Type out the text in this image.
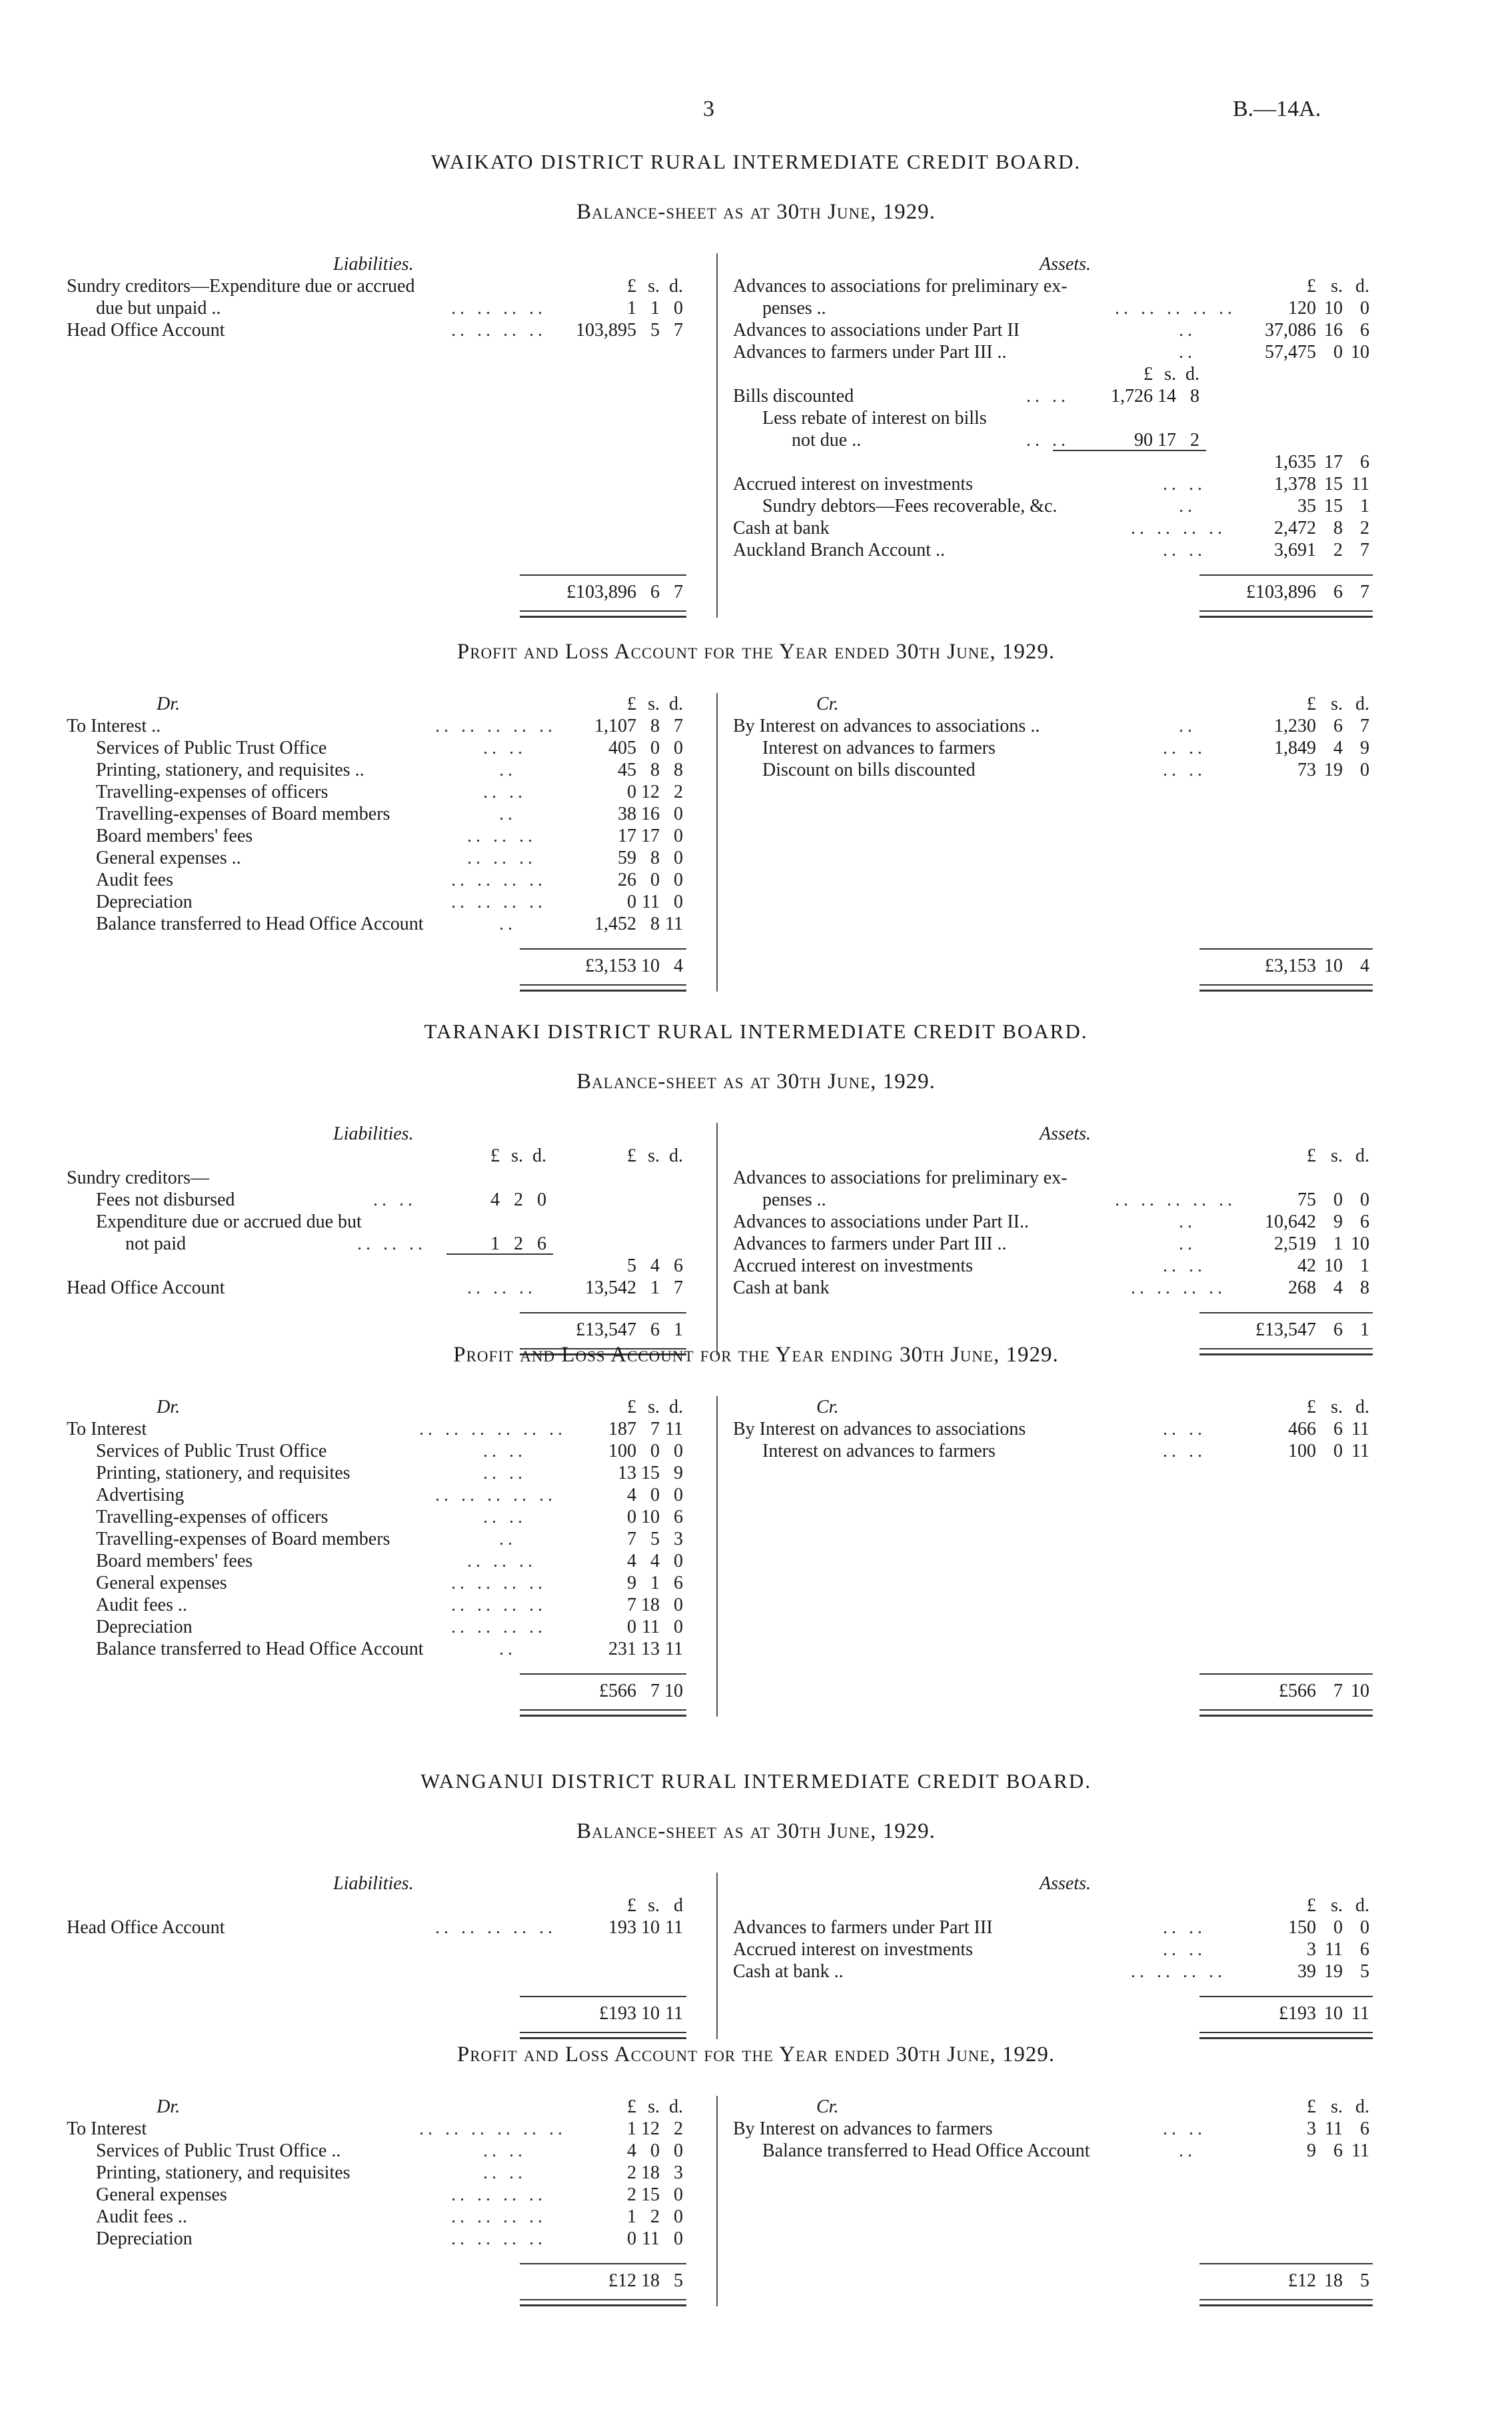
3	B.—14A.
WAIKATO DISTRICT RURAL INTERMEDIATE CREDIT BOARD.
Balance-sheet as at 30th June, 1929.
Liabilities.	Assets.
£ s. d.	£ s. d.
Sundry creditors—Expenditure due or accrued
due but unpaid ..	.. .. .. ..	1 1 0
Head Office Account	.. .. .. ..	103,895 5 7
Advances to associations for preliminary ex-
penses ..	.. .. .. .. ..	120 10 0
Advances to associations under Part II	..	37,086 16 6
Advances to farmers under Part III ..	..	57,475 0 10
£ s. d.
Bills discounted	.. ..	1,726 14 8
Less rebate of interest on bills
not due ..	.. ..	90 17 2
1,635 17 6
Accrued interest on investments	.. ..	1,378 15 11
Sundry debtors—Fees recoverable, &c.	..	35 15 1
Cash at bank	.. .. .. ..	2,472 8 2
Auckland Branch Account ..	.. ..	3,691 2 7
£103,896 6 7	£103,896 6 7
Profit and Loss Account for the Year ended 30th June, 1929.
Dr.	Cr.
£ s. d.	£ s. d.
To Interest ..	.. .. .. .. ..	1,107 8 7
Services of Public Trust Office	.. ..	405 0 0
Printing, stationery, and requisites ..	..	45 8 8
Travelling-expenses of officers	.. ..	0 12 2
Travelling-expenses of Board members	..	38 16 0
Board members' fees	.. .. ..	17 17 0
General expenses ..	.. .. ..	59 8 0
Audit fees	.. .. .. ..	26 0 0
Depreciation	.. .. .. ..	0 11 0
Balance transferred to Head Office Account	..	1,452 8 11
By Interest on advances to associations ..	..	1,230 6 7
Interest on advances to farmers	.. ..	1,849 4 9
Discount on bills discounted	.. ..	73 19 0
£3,153 10 4	£3,153 10 4
TARANAKI DISTRICT RURAL INTERMEDIATE CREDIT BOARD.
Balance-sheet as at 30th June, 1929.
Liabilities.	Assets.
£ s. d.	£ s. d.
£ s. d.
Sundry creditors—
Fees not disbursed	.. ..	4 2 0
Expenditure due or accrued due but
not paid	.. .. ..	1 2 6
5 4 6
Head Office Account	.. .. ..	13,542 1 7
Advances to associations for preliminary ex-
penses ..	.. .. .. .. ..	75 0 0
Advances to associations under Part II..	..	10,642 9 6
Advances to farmers under Part III ..	..	2,519 1 10
Accrued interest on investments	.. ..	42 10 1
Cash at bank	.. .. .. ..	268 4 8
£13,547 6 1	£13,547 6 1
Profit and Loss Account for the Year ending 30th June, 1929.
Dr.	Cr.
£ s. d.	£ s. d.
To Interest	.. .. .. .. .. ..	187 7 11
Services of Public Trust Office	.. ..	100 0 0
Printing, stationery, and requisites	.. ..	13 15 9
Advertising	.. .. .. .. ..	4 0 0
Travelling-expenses of officers	.. ..	0 10 6
Travelling-expenses of Board members	..	7 5 3
Board members' fees	.. .. ..	4 4 0
General expenses	.. .. .. ..	9 1 6
Audit fees ..	.. .. .. ..	7 18 0
Depreciation	.. .. .. ..	0 11 0
Balance transferred to Head Office Account	..	231 13 11
By Interest on advances to associations	.. ..	466 6 11
Interest on advances to farmers	.. ..	100 0 11
£566 7 10	£566 7 10
WANGANUI DISTRICT RURAL INTERMEDIATE CREDIT BOARD.
Balance-sheet as at 30th June, 1929.
Liabilities.	Assets.
£ s. d	£ s. d.
Head Office Account	.. .. .. .. ..	193 10 11	Advances to farmers under Part III	.. ..	150 0 0
Accrued interest on investments	.. ..	3 11 6
Cash at bank ..	.. .. .. ..	39 19 5
£193 10 11	£193 10 11
Profit and Loss Account for the Year ended 30th June, 1929.
Dr.	Cr.
£ s. d.	£ s. d.
To Interest	.. .. .. .. .. ..	1 12 2
Services of Public Trust Office ..	.. ..	4 0 0
Printing, stationery, and requisites	.. ..	2 18 3
General expenses	.. .. .. ..	2 15 0
Audit fees ..	.. .. .. ..	1 2 0
Depreciation	.. .. .. ..	0 11 0
By Interest on advances to farmers	.. ..	3 11 6
Balance transferred to Head Office Account	..	9 6 11
£12 18 5	£12 18 5
